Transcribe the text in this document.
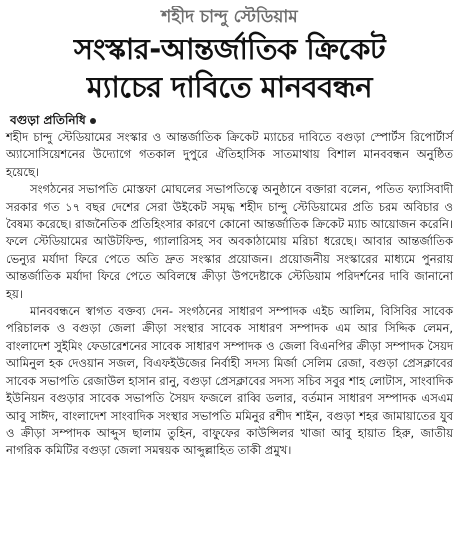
শহীদ চান্দু স্টেডিয়াম
সংস্কার-আন্তর্জাতিক ক্রিকেট
ম্যাচের দাবিতে মানববন্ধন
বগুড়া প্রতিনিধি

শহীদ চান্দু স্টেডিয়ামের সংস্কার ও আন্তর্জাতিক ক্রিকেট ম্যাচের দাবিতে বগুড়া স্পোর্টস রিপোর্টার্স অ্যাসোসিয়েশনের উদ্যোগে গতকাল দুপুরে ঐতিহাসিক সাতমাথায় বিশাল মানববন্ধন অনুষ্ঠিত হয়েছে।

সংগঠনের সভাপতি মোস্তফা মোঘলের সভাপতিত্বে অনুষ্ঠানে বক্তারা বলেন, পতিত ফ্যাসিবাদী সরকার গত ১৭ বছর দেশের সেরা উইকেট সমৃদ্ধ শহীদ চান্দু স্টেডিয়ামের প্রতি চরম অবিচার ও বৈষম্য করেছে। রাজনৈতিক প্রতিহিংসার কারণে কোনো আন্তর্জাতিক ক্রিকেট ম্যাচ আয়োজন করেনি। ফলে স্টেডিয়ামের আউটফিল্ড, গ্যালারিসহ সব অবকাঠামোয় মরিচা ধরেছে। আবার আন্তর্জাতিক ভেন্যুর মর্যাদা ফিরে পেতে অতি দ্রুত সংস্কার প্রয়োজন। প্রয়োজনীয় সংস্কারের মাধ্যমে পুনরায় আন্তর্জাতিক মর্যাদা ফিরে পেতে অবিলম্বে ক্রীড়া উপদেষ্টাকে স্টেডিয়াম পরিদর্শনের দাবি জানানো হয়।

মানববন্ধনে স্বাগত বক্তব্য দেন- সংগঠনের সাধারণ সম্পাদক এইচ আলিম, বিসিবির সাবেক পরিচালক ও বগুড়া জেলা ক্রীড়া সংস্থার সাবেক সাধারণ সম্পাদক এম আর সিদ্দিক লেমন, বাংলাদেশ সুইমিং ফেডারেশনের সাবেক সাধারণ সম্পাদক ও জেলা বিএনপির ক্রীড়া সম্পাদক সৈয়দ আমিনুল হক দেওয়ান সজল, বিএফইউজের নির্বাহী সদস্য মির্জা সেলিম রেজা, বগুড়া প্রেসক্লাবের সাবেক সভাপতি রেজাউল হাসান রানু, বগুড়া প্রেসক্লাবের সদস্য সচিব সবুর শাহ লোটাস, সাংবাদিক ইউনিয়ন বগুড়ার সাবেক সভাপতি সৈয়দ ফজলে রাব্বি ডলার, বর্তমান সাধারণ সম্পাদক এসএম আবু সাঈদ, বাংলাদেশ সাংবাদিক সংস্থার সভাপতি মমিনুর রশীদ শাইন, বগুড়া শহর জামায়াতের যুব ও ক্রীড়া সম্পাদক আব্দুস ছালাম তুহিন, বাফুফের কাউন্সিলর খাজা আবু হায়াত হিরু, জাতীয় নাগরিক কমিটির বগুড়া জেলা সমন্বয়ক আব্দুল্লাহিত তাকী প্রমুখ।
